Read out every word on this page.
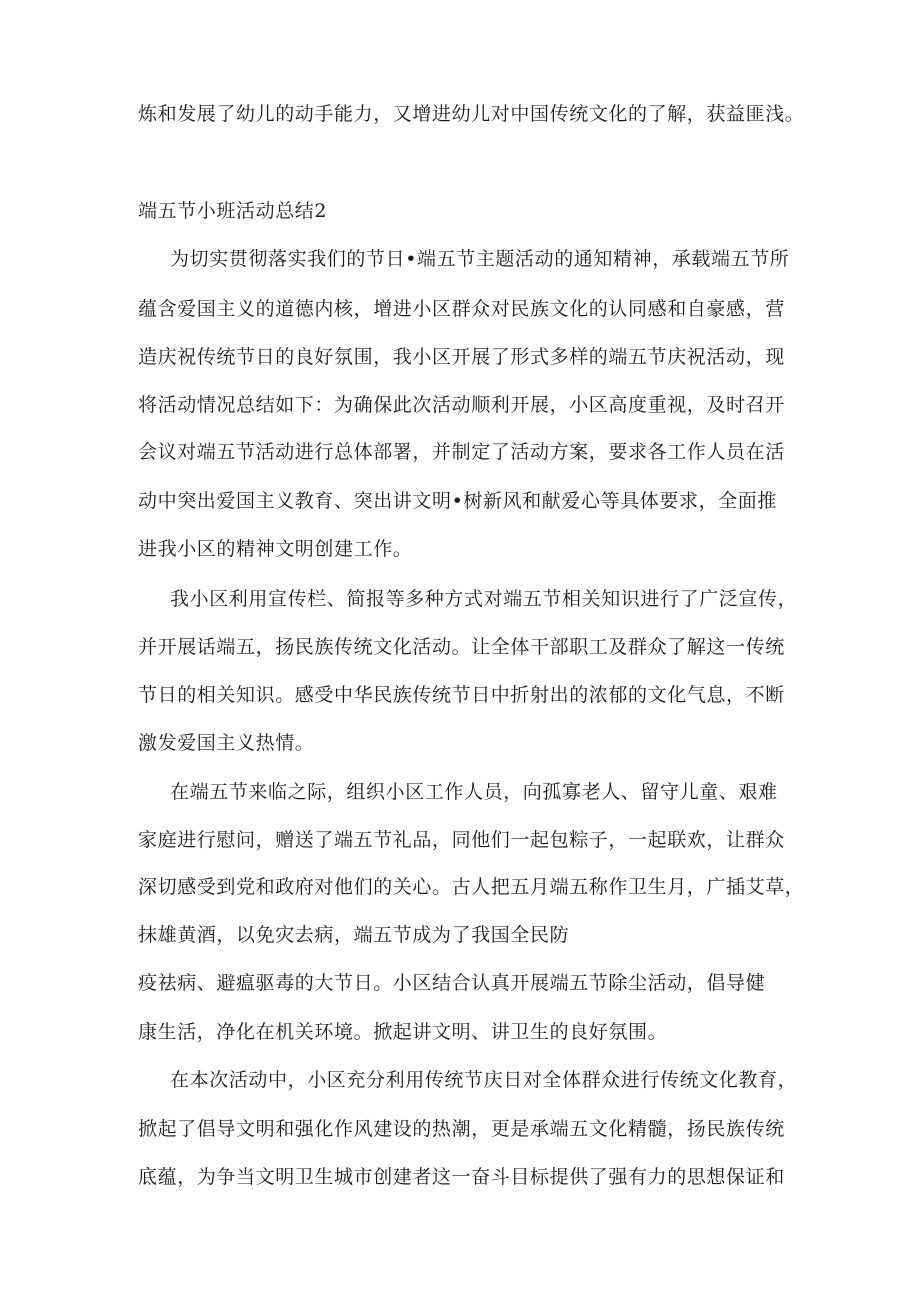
炼和发展了幼儿的动手能力，又增进幼儿对中国传统文化的了解，获益匪浅。
端五节小班活动总结2
为切实贯彻落实我们的节日•端五节主题活动的通知精神，承载端五节所
蕴含爱国主义的道德内核，增进小区群众对民族文化的认同感和自豪感，营
造庆祝传统节日的良好氛围，我小区开展了形式多样的端五节庆祝活动，现
将活动情况总结如下：为确保此次活动顺利开展，小区高度重视，及时召开
会议对端五节活动进行总体部署，并制定了活动方案，要求各工作人员在活
动中突出爱国主义教育、突出讲文明•树新风和献爱心等具体要求，全面推
进我小区的精神文明创建工作。
我小区利用宣传栏、简报等多种方式对端五节相关知识进行了广泛宣传，
并开展话端五，扬民族传统文化活动。让全体干部职工及群众了解这一传统
节日的相关知识。感受中华民族传统节日中折射出的浓郁的文化气息，不断
激发爱国主义热情。
在端五节来临之际，组织小区工作人员，向孤寡老人、留守儿童、艰难
家庭进行慰问，赠送了端五节礼品，同他们一起包粽子，一起联欢，让群众
深切感受到党和政府对他们的关心。古人把五月端五称作卫生月，广插艾草，
抹雄黄酒，以免灾去病，端五节成为了我国全民防
疫祛病、避瘟驱毒的大节日。小区结合认真开展端五节除尘活动，倡导健
康生活，净化在机关环境。掀起讲文明、讲卫生的良好氛围。
在本次活动中，小区充分利用传统节庆日对全体群众进行传统文化教育，
掀起了倡导文明和强化作风建设的热潮，更是承端五文化精髓，扬民族传统
底蕴，为争当文明卫生城市创建者这一奋斗目标提供了强有力的思想保证和
